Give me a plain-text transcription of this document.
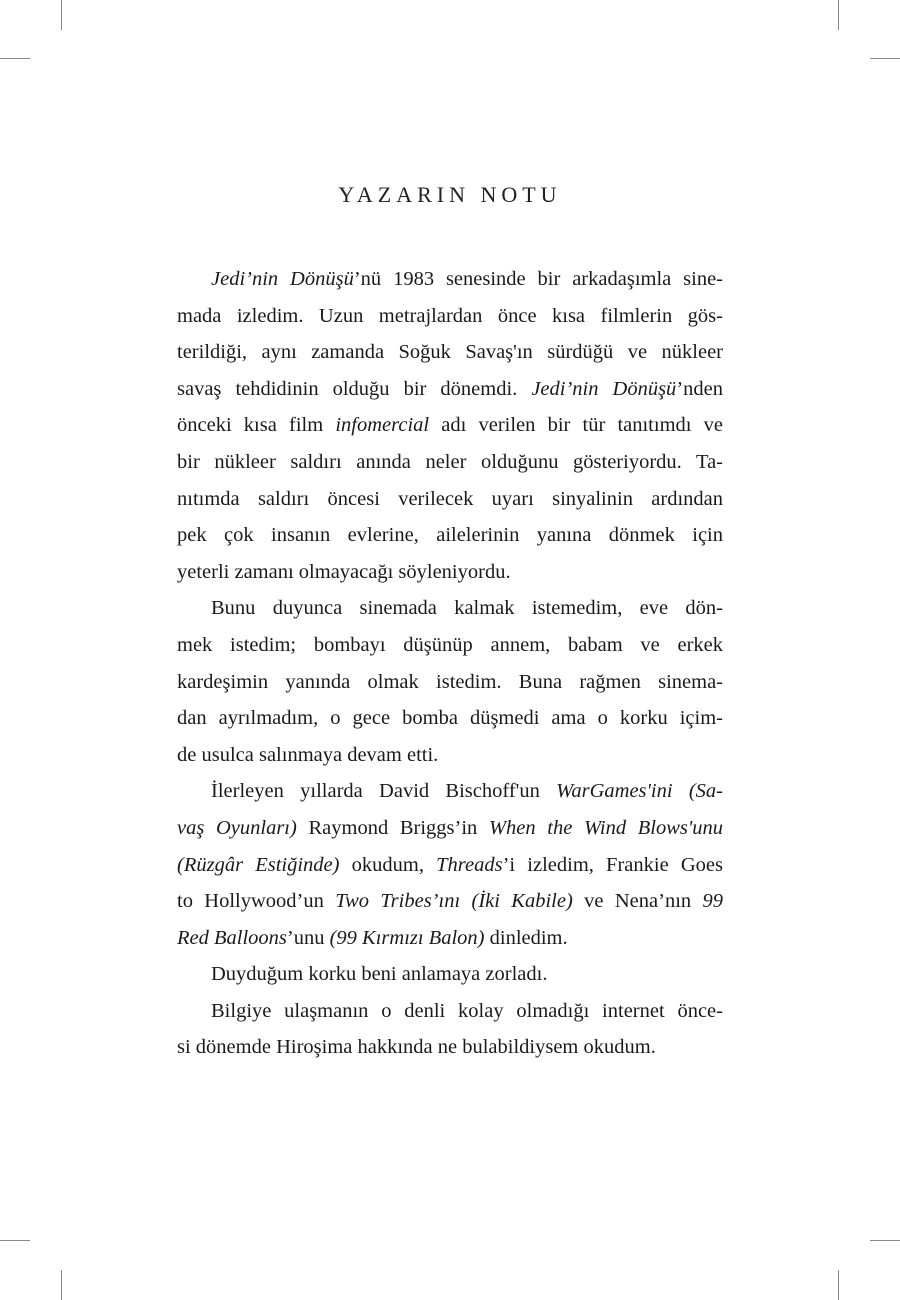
YAZARIN NOTU
Jedi’nin Dönüşü’nü 1983 senesinde bir arkadaşımla sine-
mada izledim. Uzun metrajlardan önce kısa filmlerin gös-
terildiği, aynı zamanda Soğuk Savaş'ın sürdüğü ve nükleer
savaş tehdidinin olduğu bir dönemdi. Jedi’nin Dönüşü’nden
önceki kısa film infomercial adı verilen bir tür tanıtımdı ve
bir nükleer saldırı anında neler olduğunu gösteriyordu. Ta-
nıtımda saldırı öncesi verilecek uyarı sinyalinin ardından
pek çok insanın evlerine, ailelerinin yanına dönmek için
yeterli zamanı olmayacağı söyleniyordu.
Bunu duyunca sinemada kalmak istemedim, eve dön-
mek istedim; bombayı düşünüp annem, babam ve erkek
kardeşimin yanında olmak istedim. Buna rağmen sinema-
dan ayrılmadım, o gece bomba düşmedi ama o korku içim-
de usulca salınmaya devam etti.
İlerleyen yıllarda David Bischoff'un WarGames'ini (Sa-
vaş Oyunları) Raymond Briggs’in When the Wind Blows'unu
(Rüzgâr Estiğinde) okudum, Threads’i izledim, Frankie Goes
to Hollywood’un Two Tribes’ını (İki Kabile) ve Nena’nın 99
Red Balloons’unu (99 Kırmızı Balon) dinledim.
Duyduğum korku beni anlamaya zorladı.
Bilgiye ulaşmanın o denli kolay olmadığı internet önce-
si dönemde Hiroşima hakkında ne bulabildiysem okudum.
